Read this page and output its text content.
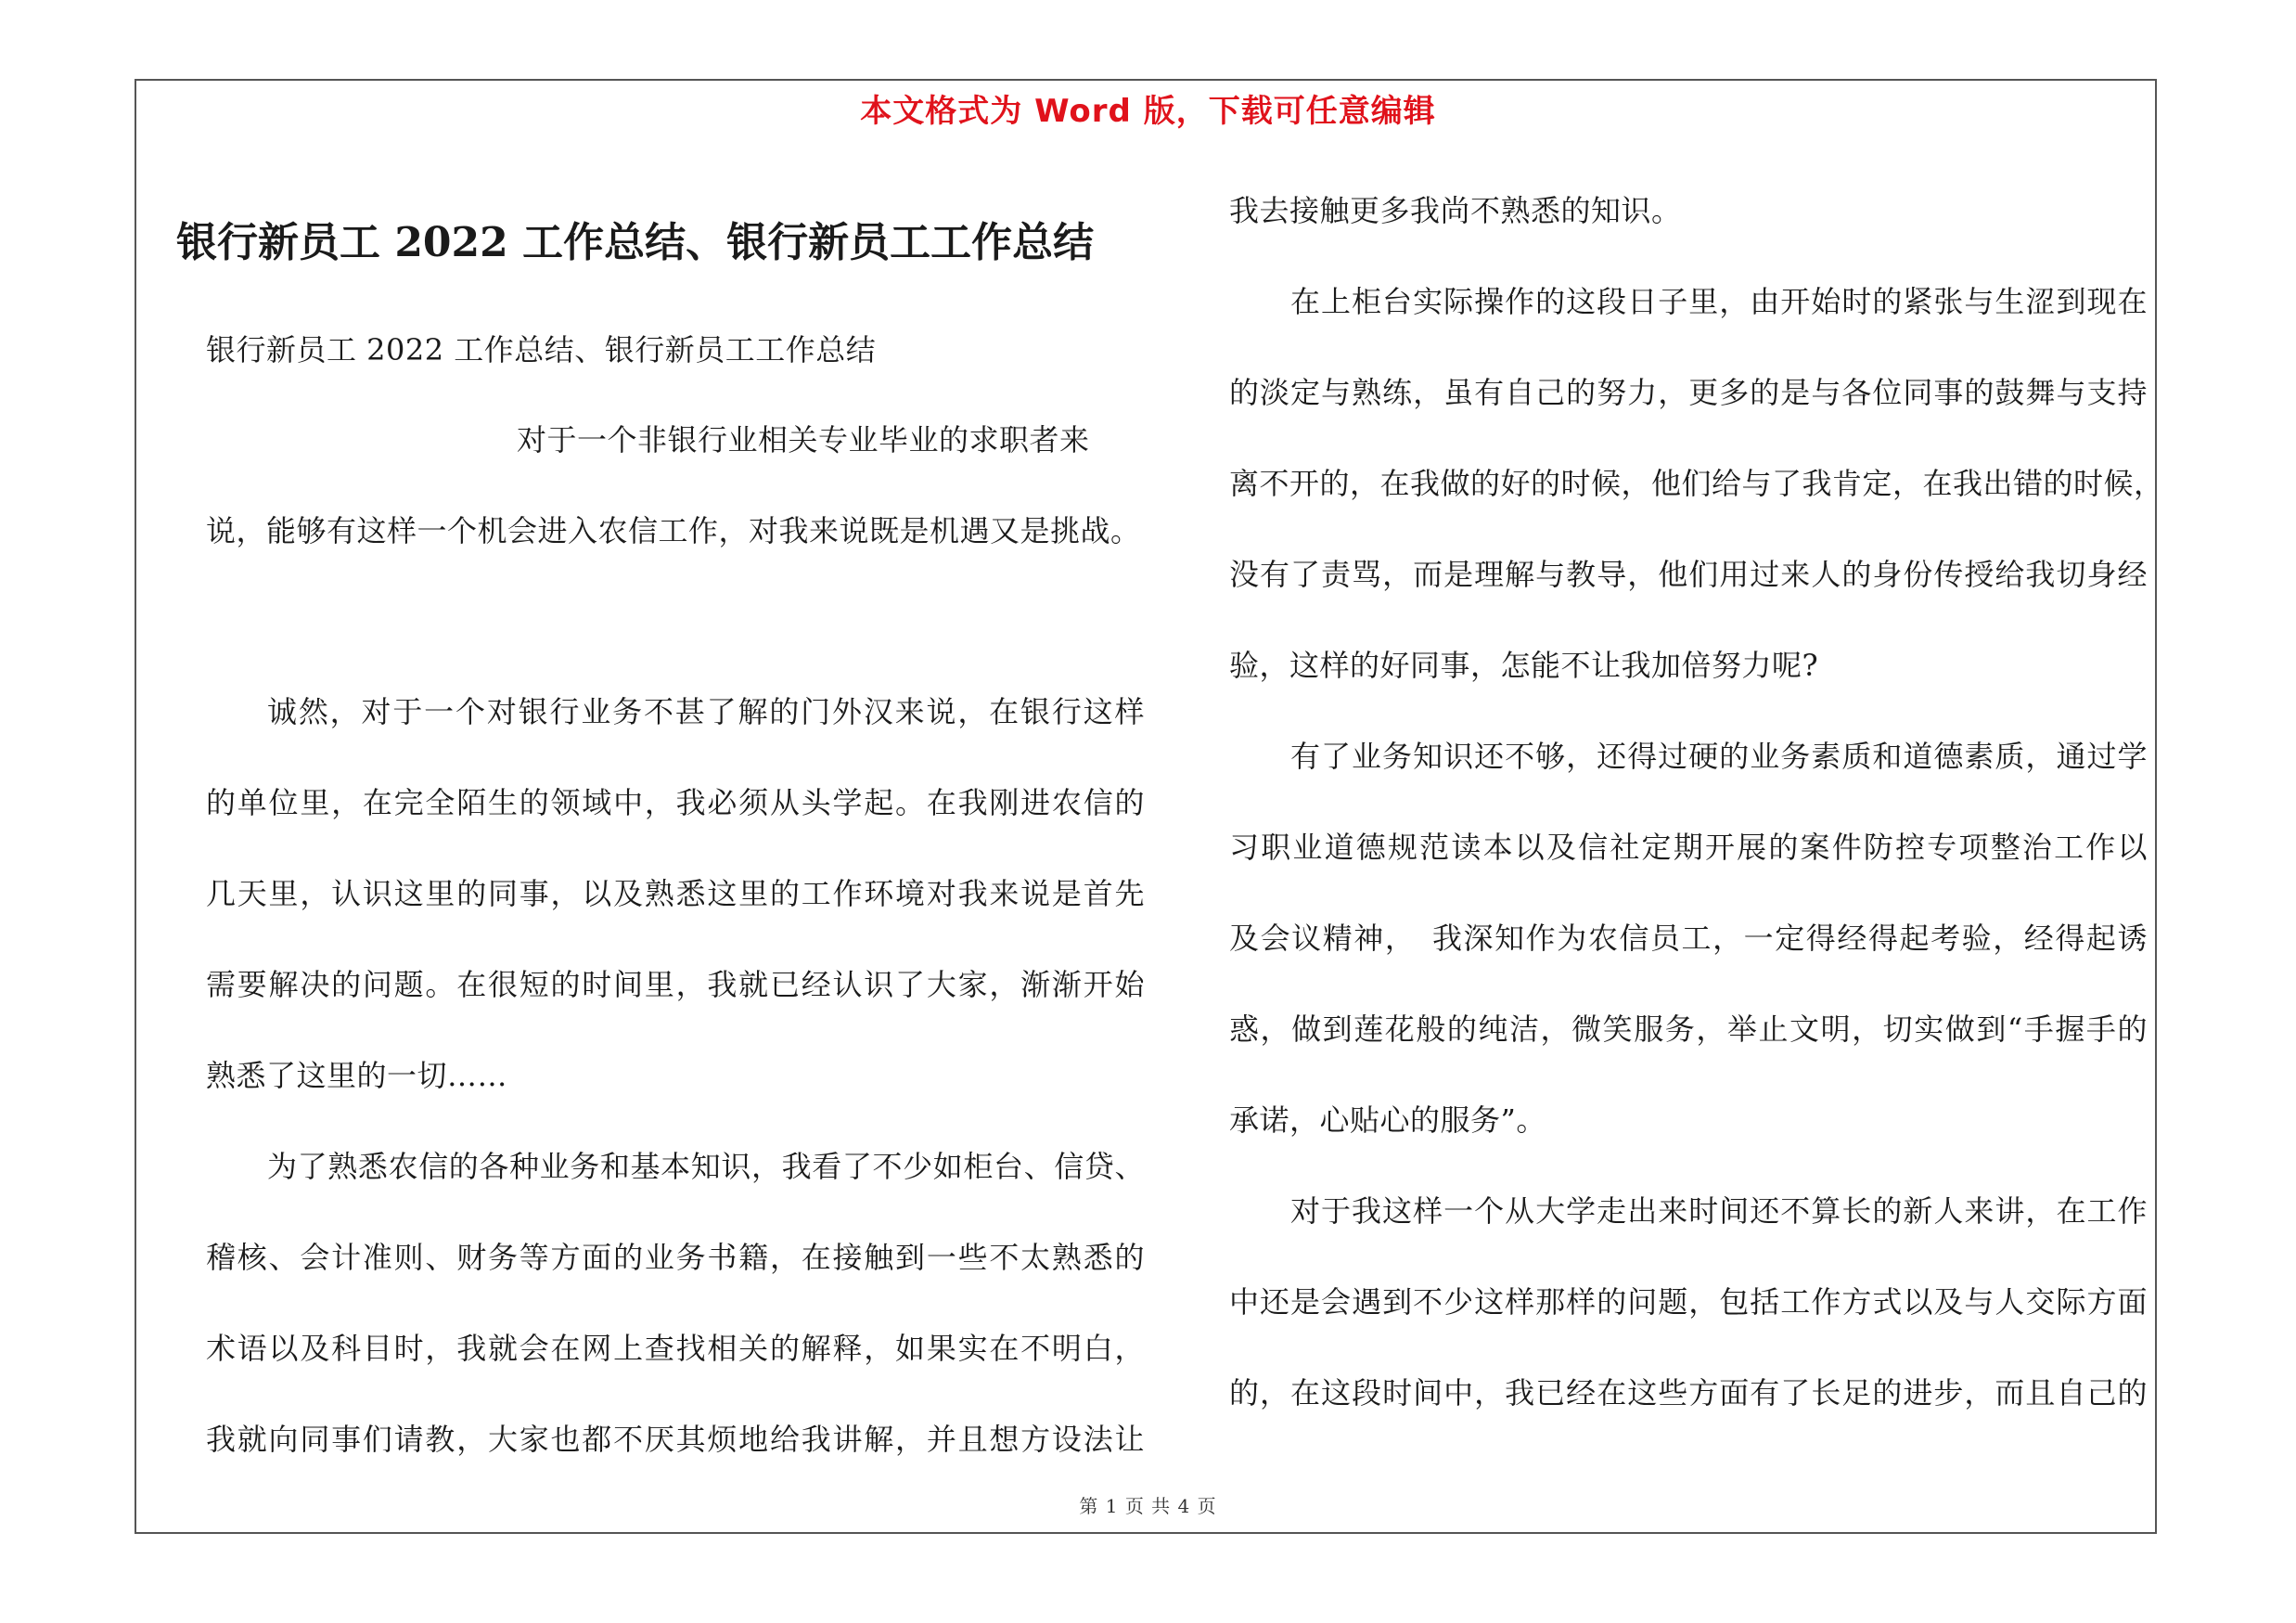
本文格式为 Word 版，下载可任意编辑
银行新员工 2022 工作总结、银行新员工工作总结
银行新员工 2022 工作总结、银行新员工工作总结
对于一个非银行业相关专业毕业的求职者来
说，能够有这样一个机会进入农信工作，对我来说既是机遇又是挑战。
诚然，对于一个对银行业务不甚了解的门外汉来说，在银行这样
的单位里，在完全陌生的领域中，我必须从头学起。在我刚进农信的
几天里，认识这里的同事，以及熟悉这里的工作环境对我来说是首先
需要解决的问题。在很短的时间里，我就已经认识了大家，渐渐开始
熟悉了这里的一切……
为了熟悉农信的各种业务和基本知识，我看了不少如柜台、信贷、
稽核、会计准则、财务等方面的业务书籍，在接触到一些不太熟悉的
术语以及科目时，我就会在网上查找相关的解释，如果实在不明白，
我就向同事们请教，大家也都不厌其烦地给我讲解，并且想方设法让
我去接触更多我尚不熟悉的知识。
在上柜台实际操作的这段日子里，由开始时的紧张与生涩到现在
的淡定与熟练，虽有自己的努力，更多的是与各位同事的鼓舞与支持
离不开的，在我做的好的时候，他们给与了我肯定，在我出错的时候，
没有了责骂，而是理解与教导，他们用过来人的身份传授给我切身经
验，这样的好同事，怎能不让我加倍努力呢?
有了业务知识还不够，还得过硬的业务素质和道德素质，通过学
习职业道德规范读本以及信社定期开展的案件防控专项整治工作以
及会议精神，　我深知作为农信员工，一定得经得起考验，经得起诱
惑，做到莲花般的纯洁，微笑服务，举止文明，切实做到“手握手的
承诺，心贴心的服务”。
对于我这样一个从大学走出来时间还不算长的新人来讲，在工作
中还是会遇到不少这样那样的问题，包括工作方式以及与人交际方面
的，在这段时间中，我已经在这些方面有了长足的进步，而且自己的
第 1 页 共 4 页
